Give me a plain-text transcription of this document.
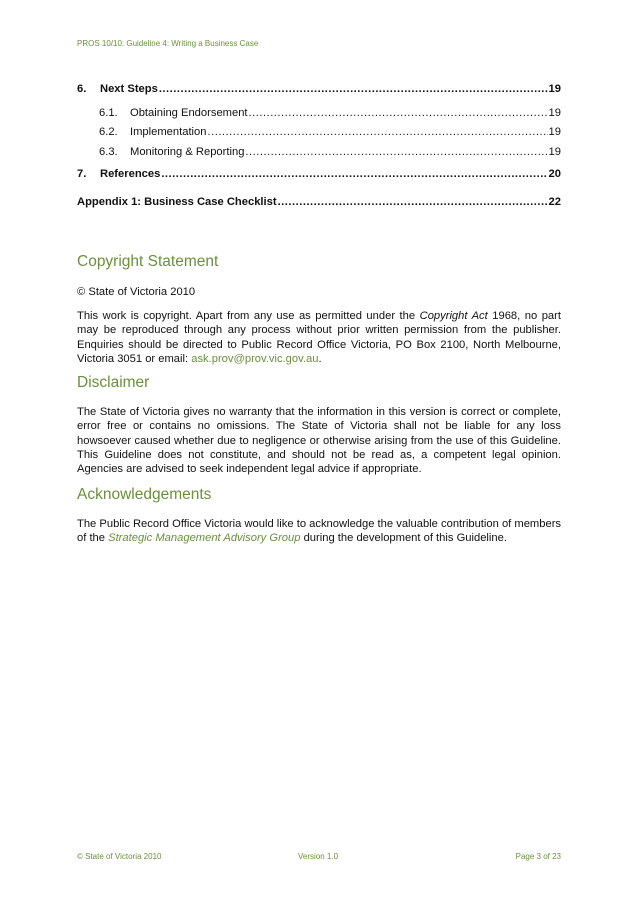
PROS 10/10: Guideline 4: Writing a Business Case
6.	Next Steps .....	19
6.1.	Obtaining Endorsement .....	19
6.2.	Implementation .....	19
6.3.	Monitoring & Reporting .....	19
7.	References .....	20
Appendix 1: Business Case Checklist .....	22
Copyright Statement
© State of Victoria 2010
This work is copyright. Apart from any use as permitted under the Copyright Act 1968, no part may be reproduced through any process without prior written permission from the publisher. Enquiries should be directed to Public Record Office Victoria, PO Box 2100, North Melbourne, Victoria 3051 or email: ask.prov@prov.vic.gov.au.
Disclaimer
The State of Victoria gives no warranty that the information in this version is correct or complete, error free or contains no omissions. The State of Victoria shall not be liable for any loss howsoever caused whether due to negligence or otherwise arising from the use of this Guideline. This Guideline does not constitute, and should not be read as, a competent legal opinion. Agencies are advised to seek independent legal advice if appropriate.
Acknowledgements
The Public Record Office Victoria would like to acknowledge the valuable contribution of members of the Strategic Management Advisory Group during the development of this Guideline.
© State of Victoria 2010	Version 1.0	Page 3 of 23
